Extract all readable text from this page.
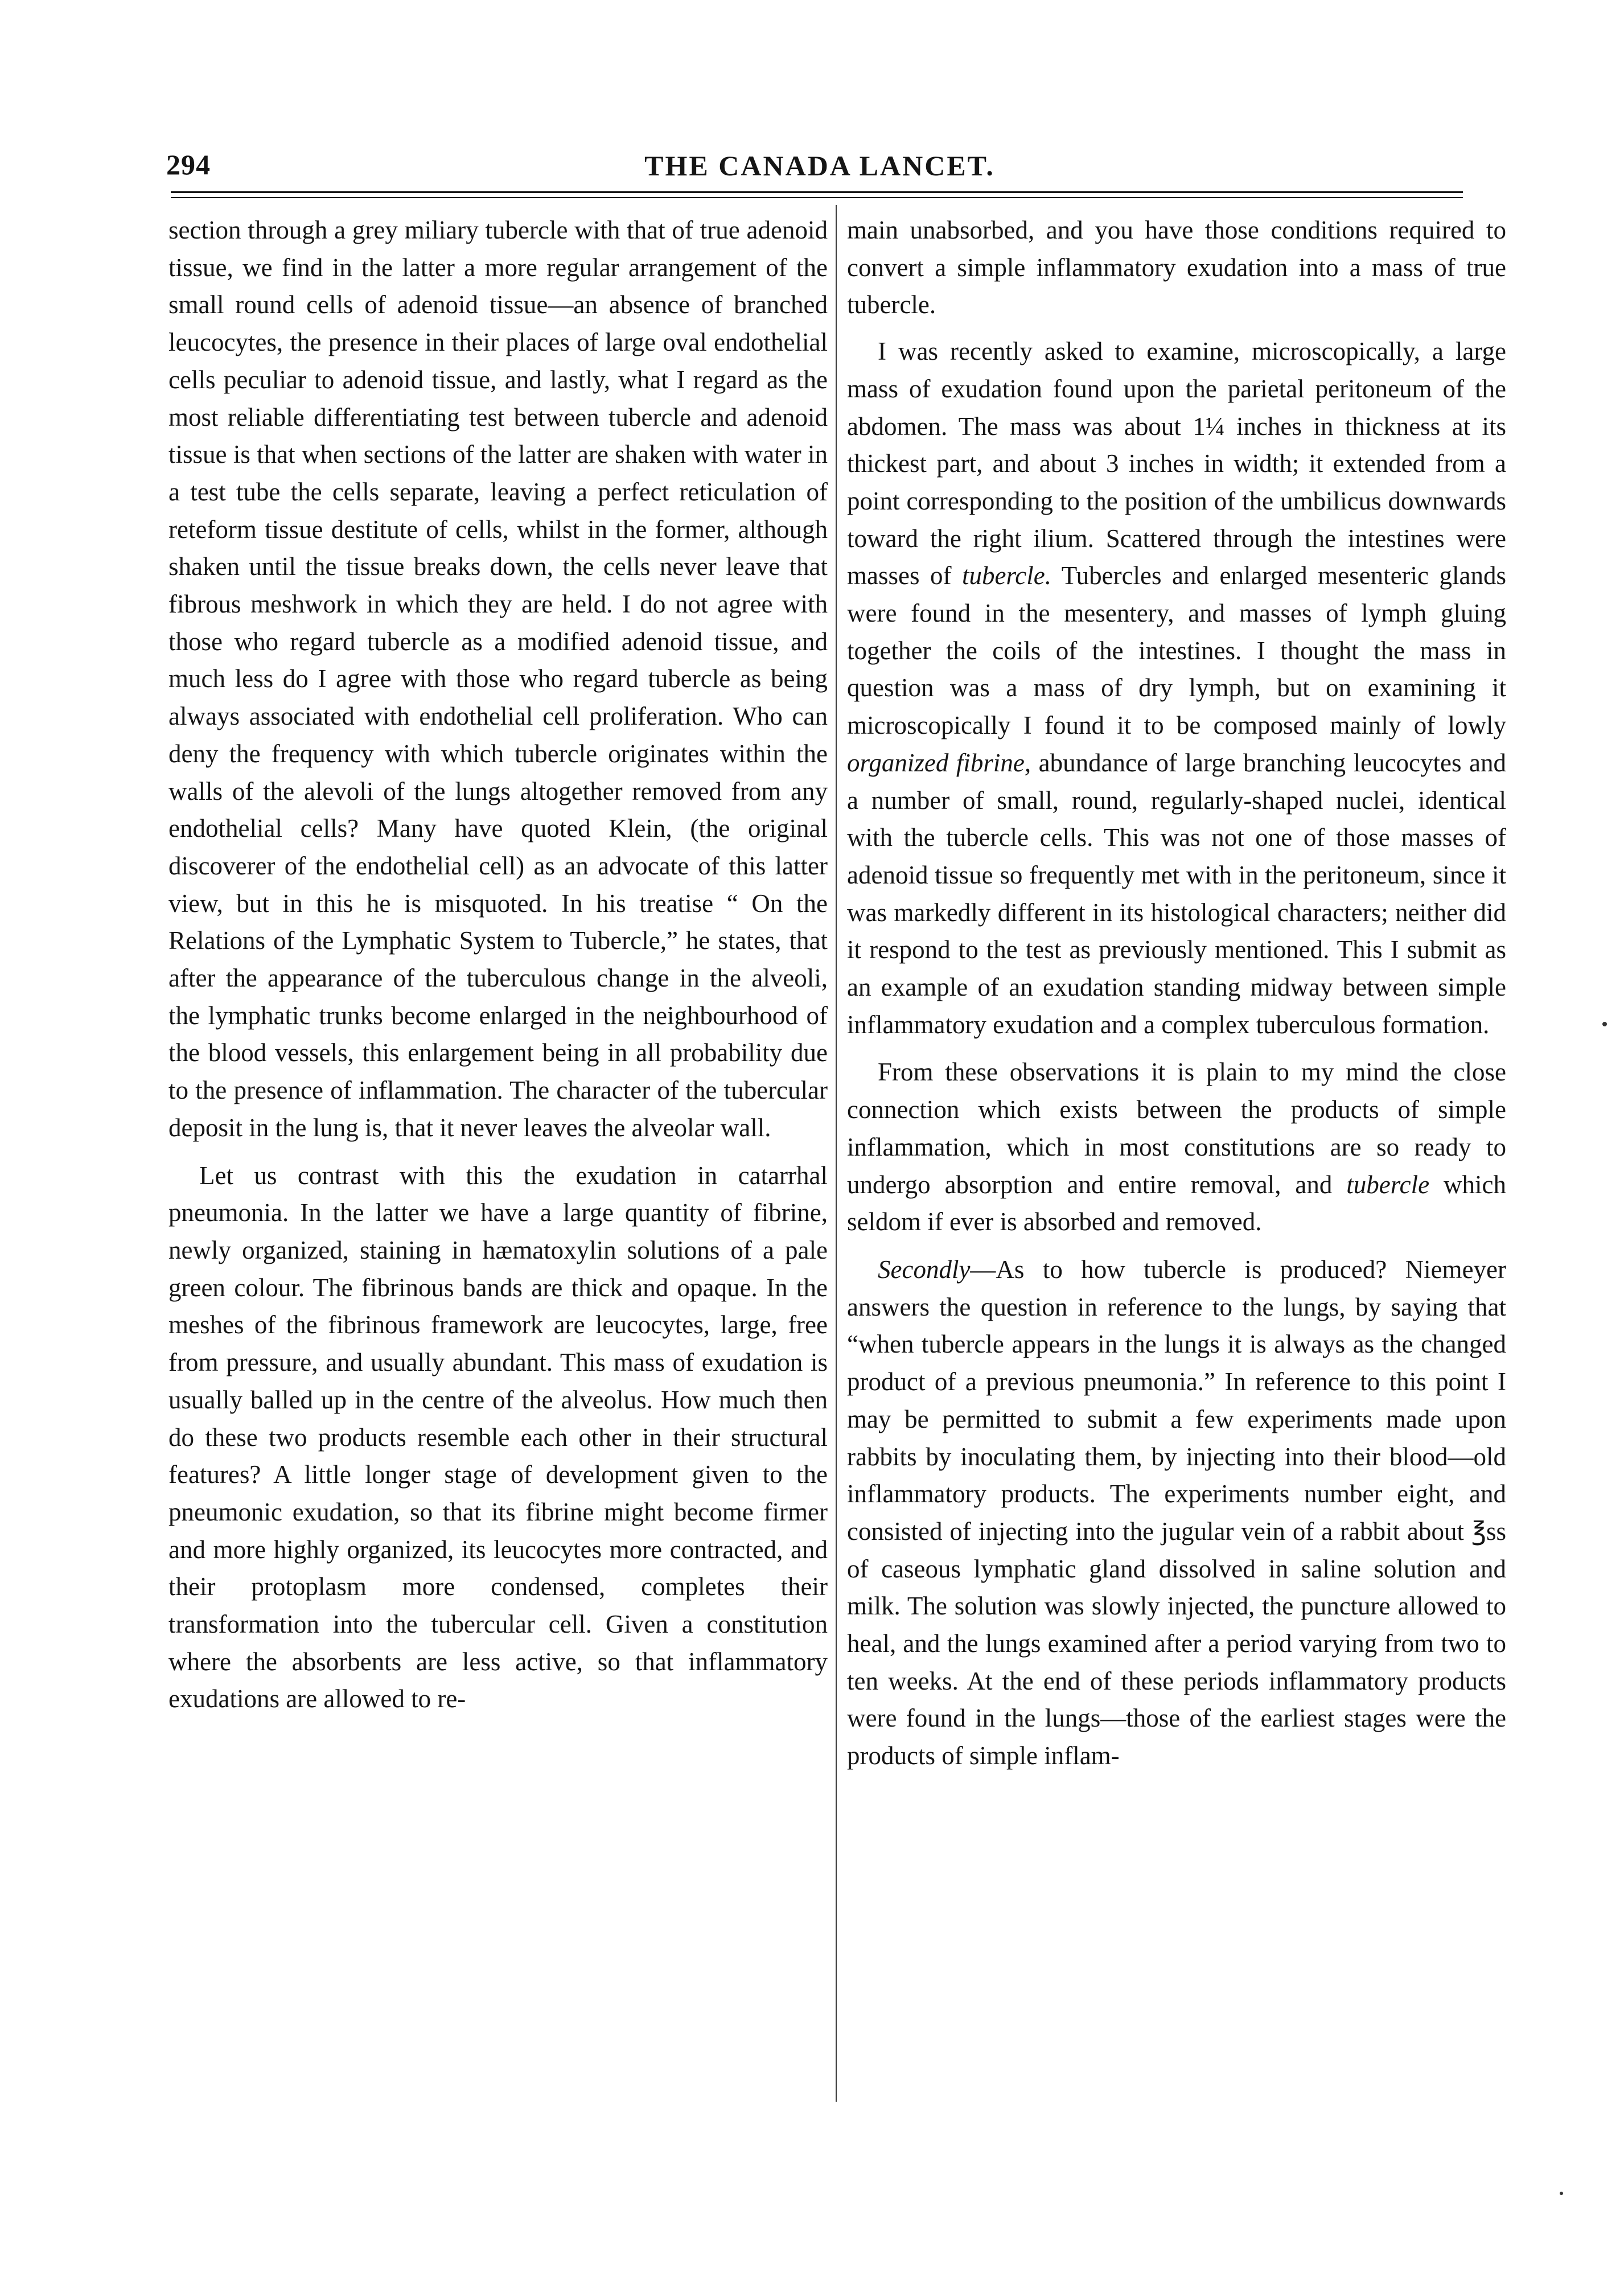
294	THE CANADA LANCET.

section through a grey miliary tubercle with that of true adenoid tissue, we find in the latter a more regular arrangement of the small round cells of adenoid tissue—an absence of branched leucocytes, the presence in their places of large oval endothelial cells peculiar to adenoid tissue, and lastly, what I regard as the most reliable differentiating test between tubercle and adenoid tissue is that when sections of the latter are shaken with water in a test tube the cells separate, leaving a perfect reticulation of reteform tissue destitute of cells, whilst in the former, although shaken until the tissue breaks down, the cells never leave that fibrous meshwork in which they are held. I do not agree with those who regard tubercle as a modified adenoid tissue, and much less do I agree with those who regard tubercle as being always associated with endothelial cell proliferation. Who can deny the frequency with which tubercle originates within the walls of the alevoli of the lungs altogether removed from any endothelial cells? Many have quoted Klein, (the original discoverer of the endothelial cell) as an advocate of this latter view, but in this he is misquoted. In his treatise “ On the Relations of the Lymphatic System to Tubercle,” he states, that after the appearance of the tuberculous change in the alveoli, the lymphatic trunks become enlarged in the neighbourhood of the blood vessels, this enlargement being in all probability due to the presence of inflammation. The character of the tubercular deposit in the lung is, that it never leaves the alveolar wall.

Let us contrast with this the exudation in catarrhal pneumonia. In the latter we have a large quantity of fibrine, newly organized, staining in hæmatoxylin solutions of a pale green colour. The fibrinous bands are thick and opaque. In the meshes of the fibrinous framework are leucocytes, large, free from pressure, and usually abundant. This mass of exudation is usually balled up in the centre of the alveolus. How much then do these two products resemble each other in their structural features? A little longer stage of development given to the pneumonic exudation, so that its fibrine might become firmer and more highly organized, its leucocytes more contracted, and their protoplasm more condensed, completes their transformation into the tubercular cell. Given a constitution where the absorbents are less active, so that inflammatory exudations are allowed to re-

main unabsorbed, and you have those conditions required to convert a simple inflammatory exudation into a mass of true tubercle.

I was recently asked to examine, microscopically, a large mass of exudation found upon the parietal peritoneum of the abdomen. The mass was about 1¼ inches in thickness at its thickest part, and about 3 inches in width; it extended from a point corresponding to the position of the umbilicus downwards toward the right ilium. Scattered through the intestines were masses of tubercle. Tubercles and enlarged mesenteric glands were found in the mesentery, and masses of lymph gluing together the coils of the intestines. I thought the mass in question was a mass of dry lymph, but on examining it microscopically I found it to be composed mainly of lowly organized fibrine, abundance of large branching leucocytes and a number of small, round, regularly-shaped nuclei, identical with the tubercle cells. This was not one of those masses of adenoid tissue so frequently met with in the peritoneum, since it was markedly different in its histological characters; neither did it respond to the test as previously mentioned. This I submit as an example of an exudation standing midway between simple inflammatory exudation and a complex tuberculous formation.

From these observations it is plain to my mind the close connection which exists between the products of simple inflammation, which in most constitutions are so ready to undergo absorption and entire removal, and tubercle which seldom if ever is absorbed and removed.

Secondly—As to how tubercle is produced? Niemeyer answers the question in reference to the lungs, by saying that “when tubercle appears in the lungs it is always as the changed product of a previous pneumonia.” In reference to this point I may be permitted to submit a few experiments made upon rabbits by inoculating them, by injecting into their blood—old inflammatory products. The experiments number eight, and consisted of injecting into the jugular vein of a rabbit about ℥ss of caseous lymphatic gland dissolved in saline solution and milk. The solution was slowly injected, the puncture allowed to heal, and the lungs examined after a period varying from two to ten weeks. At the end of these periods inflammatory products were found in the lungs—those of the earliest stages were the products of simple inflam-
